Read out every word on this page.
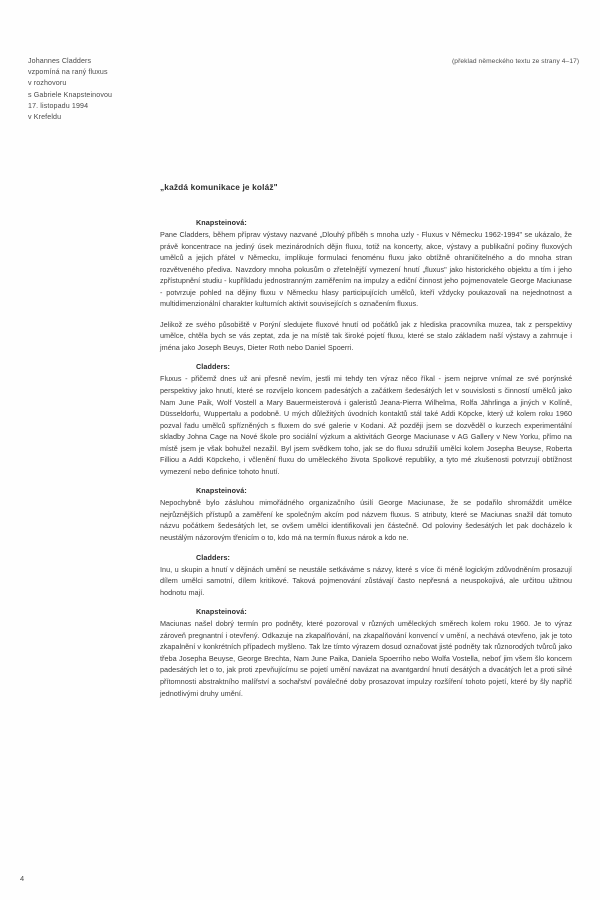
Johannes Cladders
vzpomíná na raný fluxus
v rozhovoru
s Gabriele Knapsteinovou
17. listopadu 1994
v Krefeldu
(překlad německého textu ze strany 4–17)
„každá komunikace je koláž"
Knapsteinová:

Pane Cladders, během příprav výstavy nazvané „Dlouhý příběh s mnoha uzly - Fluxus v Německu 1962-1994" se ukázalo, že právě koncentrace na jediný úsek mezinárodních dějin fluxu, totiž na koncerty, akce, výstavy a publikační počiny fluxových umělců a jejich přátel v Německu, implikuje formulaci fenoménu fluxu jako obtížně ohraničitelného a do mnoha stran rozvětveného přediva. Navzdory mnoha pokusům o zřetelnější vymezení hnutí „fluxus" jako historického objektu a tím i jeho zpřístupnění studiu - kupříkladu jednostranným zaměřením na impulzy a ediční činnost jeho pojmenovatele George Maciunase - potvrzuje pohled na dějiny fluxu v Německu hlasy participujících umělců, kteří vždycky poukazovali na nejednotnost a multidimenzionální charakter kulturních aktivit souvisejících s označením fluxus.

Jelikož ze svého působiště v Porýní sledujete fluxové hnutí od počátků jak z hlediska pracovníka muzea, tak z perspektivy umělce, chtěla bych se vás zeptat, zda je na místě tak široké pojetí fluxu, které se stalo základem naší výstavy a zahrnuje i jména jako Joseph Beuys, Dieter Roth nebo Daniel Spoerri.

Cladders:

Fluxus - přičemž dnes už ani přesně nevím, jestli mi tehdy ten výraz něco říkal - jsem nejprve vnímal ze své porýnské perspektivy jako hnutí, které se rozvíjelo koncem padesátých a začátkem šedesátých let v souvislosti s činností umělců jako Nam June Paik, Wolf Vostell a Mary Bauermeisterová i galeristů Jeana-Pierra Wilhelma, Rolfa Jährlinga a jiných v Kolíně, Düsseldorfu, Wuppertalu a podobně. U mých důležitých úvodních kontaktů stál také Addi Köpcke, který už kolem roku 1960 pozval řadu umělců spřízněných s fluxem do své galerie v Kodani. Až později jsem se dozvěděl o kurzech experimentální skladby Johna Cage na Nové škole pro sociální výzkum a aktivitách George Maciunase v AG Gallery v New Yorku, přímo na místě jsem je však bohužel nezažil. Byl jsem svědkem toho, jak se do fluxu sdružili umělci kolem Josepha Beuyse, Roberta Filliou a Addi Köpckeho, i včlenění fluxu do uměleckého života Spolkové republiky, a tyto mé zkušenosti potvrzují obtížnost vymezení nebo definice tohoto hnutí.

Knapsteinová:

Nepochybně bylo zásluhou mimořádného organizačního úsilí George Maciunase, že se podařilo shromáždit umělce nejrůznějších přístupů a zaměření ke společným akcím pod názvem fluxus. S atributy, které se Maciunas snažil dát tomuto názvu počátkem šedesátých let, se ovšem umělci identifikovali jen částečně. Od poloviny šedesátých let pak docházelo k neustálým názorovým třenicím o to, kdo má na termín fluxus nárok a kdo ne.

Cladders:

Inu, u skupin a hnutí v dějinách umění se neustále setkáváme s názvy, které s více či méně logickým zdůvodněním prosazují dílem umělci samotní, dílem kritikové. Taková pojmenování zůstávají často nepřesná a neuspokojivá, ale určitou užitnou hodnotu mají.

Knapsteinová:

Maciunas našel dobrý termín pro podněty, které pozoroval v různých uměleckých směrech kolem roku 1960. Je to výraz zároveň pregnantní i otevřený. Odkazuje na zkapalňování, na zkapalňování konvencí v umění, a nechává otevřeno, jak je toto zkapalnění v konkrétních případech myšleno. Tak lze tímto výrazem dosud označovat jisté podněty tak různorodých tvůrců jako třeba Josepha Beuyse, George Brechta, Nam June Paika, Daniela Spoerriho nebo Wolfa Vostella, neboť jim všem šlo koncem padesátých let o to, jak proti zpevňujícímu se pojetí umění navázat na avantgardní hnutí desátých a dvacátých let a proti silné přítomnosti abstraktního malířství a sochařství poválečné doby prosazovat impulzy rozšíření tohoto pojetí, které by šly napříč jednotlivými druhy umění.

4
